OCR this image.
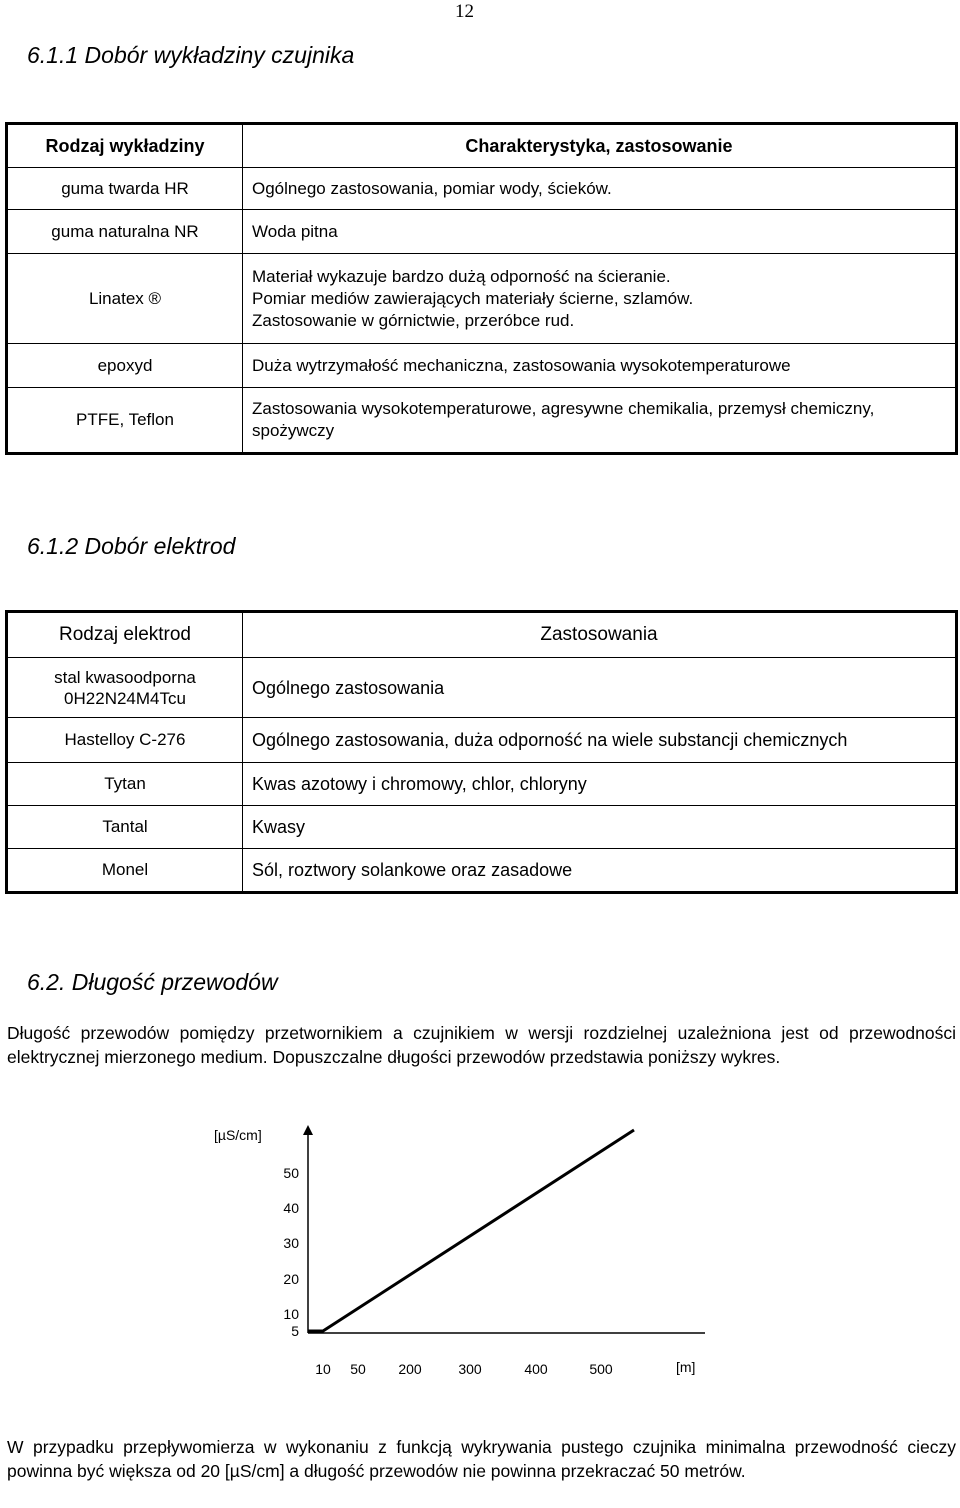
12
6.1.1 Dobór wykładziny czujnika
Rodzaj wykładziny	Charakterystyka, zastosowanie
guma twarda HR	Ogólnego zastosowania, pomiar wody, ścieków.
guma naturalna NR	Woda pitna
Linatex ®	Materiał wykazuje bardzo dużą odporność na ścieranie.
Pomiar mediów zawierających materiały ścierne, szlamów.
Zastosowanie w górnictwie, przeróbce rud.
epoxyd	Duża wytrzymałość mechaniczna, zastosowania wysokotemperaturowe
PTFE, Teflon	Zastosowania wysokotemperaturowe, agresywne chemikalia, przemysł chemiczny, spożywczy
6.1.2 Dobór elektrod
Rodzaj elektrod	Zastosowania
stal kwasoodporna
0H22N24M4Tcu	Ogólnego zastosowania
Hastelloy C-276	Ogólnego zastosowania, duża odporność na wiele substancji chemicznych
Tytan	Kwas azotowy i chromowy, chlor, chloryny
Tantal	Kwasy
Monel	Sól, roztwory solankowe oraz zasadowe
6.2. Długość przewodów
Długość przewodów pomiędzy przetwornikiem a czujnikiem w wersji rozdzielnej uzależniona jest od przewodności elektrycznej mierzonego medium. Dopuszczalne długości przewodów przedstawia poniższy wykres.
[µS/cm]
[m]
5
10
20
30
40
50
10 50 200	300	400	500
W przypadku przepływomierza w wykonaniu z funkcją wykrywania pustego czujnika minimalna przewodność cieczy powinna być większa od 20 [µS/cm] a długość przewodów nie powinna przekraczać 50 metrów.
